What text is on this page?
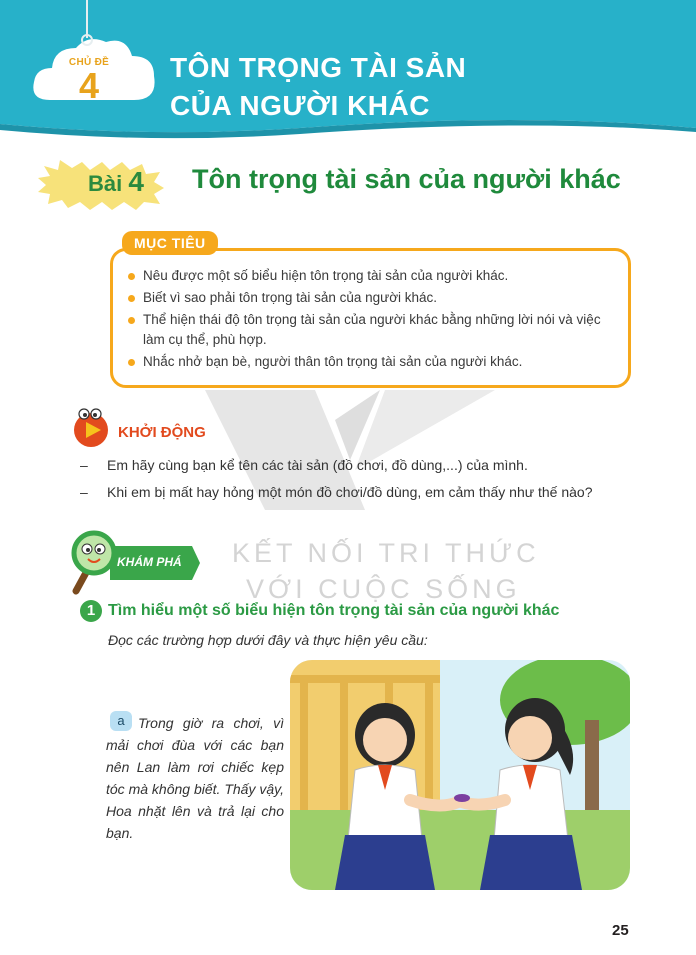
CHỦ ĐỀ
4	TÔN TRỌNG TÀI SẢN
CỦA NGƯỜI KHÁC
Bài 4 Tôn trọng tài sản của người khác
MỤC TIÊU
Nêu được một số biểu hiện tôn trọng tài sản của người khác.
Biết vì sao phải tôn trọng tài sản của người khác.
Thể hiện thái độ tôn trọng tài sản của người khác bằng những lời nói và việc làm cụ thể, phù hợp.
Nhắc nhở bạn bè, người thân tôn trọng tài sản của người khác.
KẾT NỐI TRI THỨC
VỚI CUỘC SỐNG
KHỞI ĐỘNG
– Em hãy cùng bạn kể tên các tài sản (đồ chơi, đồ dùng,...) của mình.
– Khi em bị mất hay hỏng một món đồ chơi/đồ dùng, em cảm thấy như thế nào?
KHÁM PHÁ
1 Tìm hiểu một số biểu hiện tôn trọng tài sản của người khác
Đọc các trường hợp dưới đây và thực hiện yêu cầu:
Trong giờ ra chơi, vì mải chơi đùa với các bạn nên Lan làm rơi chiếc kẹp tóc mà không biết. Thấy vậy, Hoa nhặt lên và trả lại cho bạn.
a
25
